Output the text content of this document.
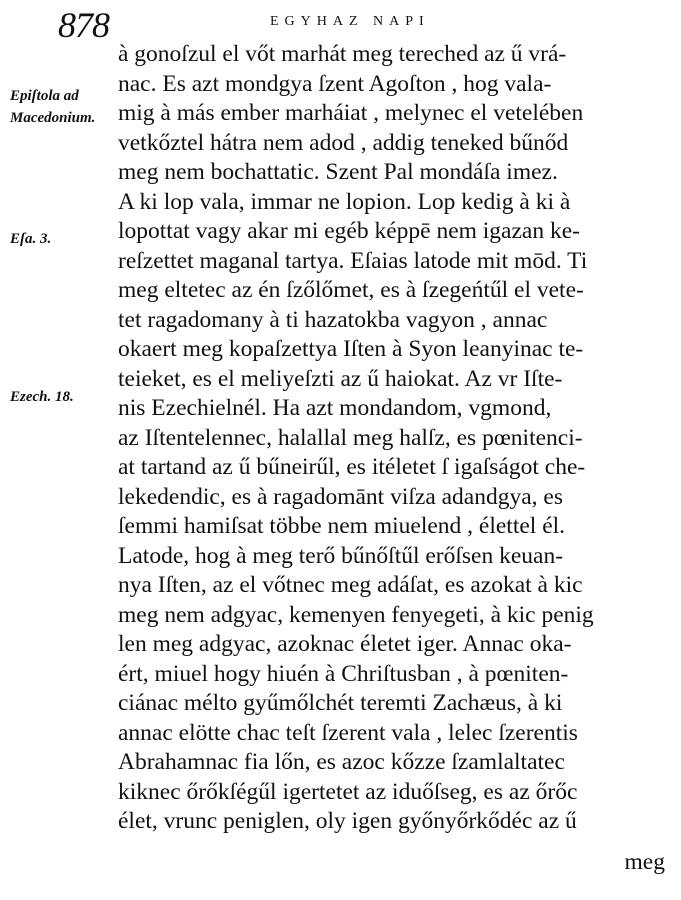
878	EGYHAZ NAPI
Epiſtola ad
Macedonium.
Eſa. 3.
Ezech. 18.
à gonoſzul el vőt marhát meg tereched az ű vrá-
nac. Es azt mondgya ſzent Agoſton , hog vala-
mig à más ember marháiat , melynec el vetelében
vetkőztel hátra nem adod , addig teneked bűnőd
meg nem bochattatic. Szent Pal mondáſa imez.
A ki lop vala, immar ne lopion. Lop kedig à ki à
lopottat vagy akar mi egéb képpē nem igazan ke-
reſzettet maganal tartya. Eſaias latode mit mōd. Ti
meg eltetec az én ſzőlőmet, es à ſzegeńtűl el vete-
tet ragadomany à ti hazatokba vagyon , annac
okaert meg kopaſzettya Iſten à Syon leanyinac te-
teieket, es el meliyeſzti az ű haiokat. Az vr Iſte-
nis Ezechielnél. Ha azt mondandom, vgmond,
az Iſtentelennec, halallal meg halſz, es pœnitenci-
at tartand az ű bűneirűl, es itéletet ſ igaſságot che-
lekedendic, es à ragadomānt viſza adandgya, es
ſemmi hamiſsat többe nem miuelend , élettel él.
Latode, hog à meg terő bűnőſtűl erőſsen keuan-
nya Iſten, az el vőtnec meg adáſat, es azokat à kic
meg nem adgyac, kemenyen fenyegeti, à kic penig
len meg adgyac, azoknac életet iger. Annac oka-
ért, miuel hogy hiuén à Chriſtusban , à pœniten-
ciánac mélto gyűmőlchét teremti Zachæus, à ki
annac elötte chac teſt ſzerent vala , lelec ſzerentis
Abrahamnac fia lőn, es azoc kőzze ſzamlaltatec
kiknec őrőkſégűl igertetet az iduőſseg, es az őrőc
élet, vrunc peniglen, oly igen győnyőrkődéc az ű
meg
